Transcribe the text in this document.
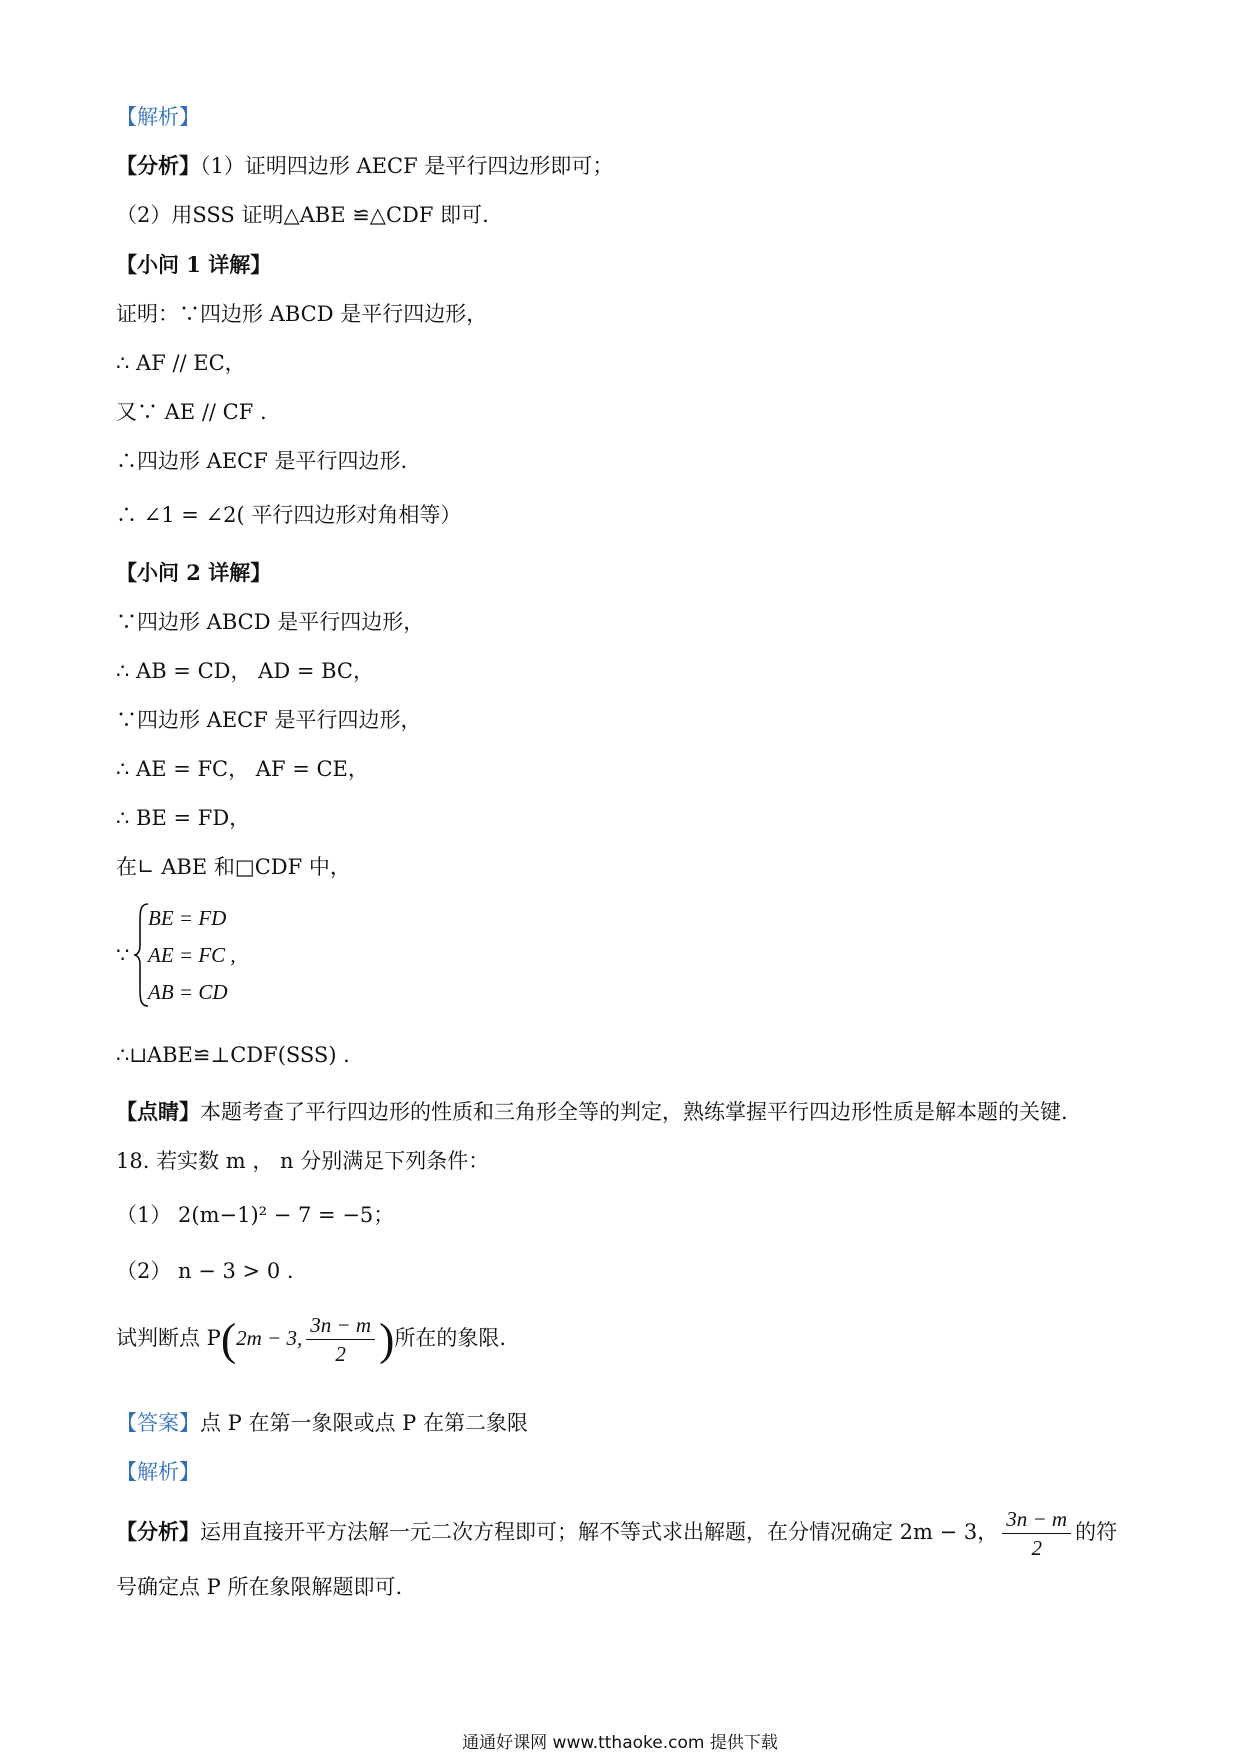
【解析】
【分析】（1）证明四边形 AECF 是平行四边形即可；
（2）用SSS 证明△ABE ≌△CDF 即可.
【小问 1 详解】
证明：∵四边形 ABCD 是平行四边形，
∴ AF // EC，
又∵ AE // CF .
∴四边形 AECF 是平行四边形.
∴ ∠1 = ∠2( 平行四边形对角相等）
【小问 2 详解】
∵四边形 ABCD 是平行四边形，
∴ AB = CD， AD = BC，
∵四边形 AECF 是平行四边形，
∴ AE = FC， AF = CE，
∴ BE = FD，
在∟ ABE 和□CDF 中，
∵
BE = FD
AE = FC ,
AB = CD
∴⊔ABE≌⊥CDF(SSS) .
【点睛】本题考查了平行四边形的性质和三角形全等的判定，熟练掌握平行四边形性质是解本题的关键.
18. 若实数 m ， n 分别满足下列条件：
（1） 2(m−1)² − 7 = −5；
（2） n − 3 > 0 .
试判断点 P(2m − 3, $\frac{3n - m}{2}$ )所在的象限.
【答案】点 P 在第一象限或点 P 在第二象限
【解析】
【分析】运用直接开平方法解一元二次方程即可；解不等式求出解题，在分情况确定 2m − 3， $\frac{3n - m}{2}$ 的符
号确定点 P 所在象限解题即可.
通通好课网 www.tthaoke.com 提供下载
